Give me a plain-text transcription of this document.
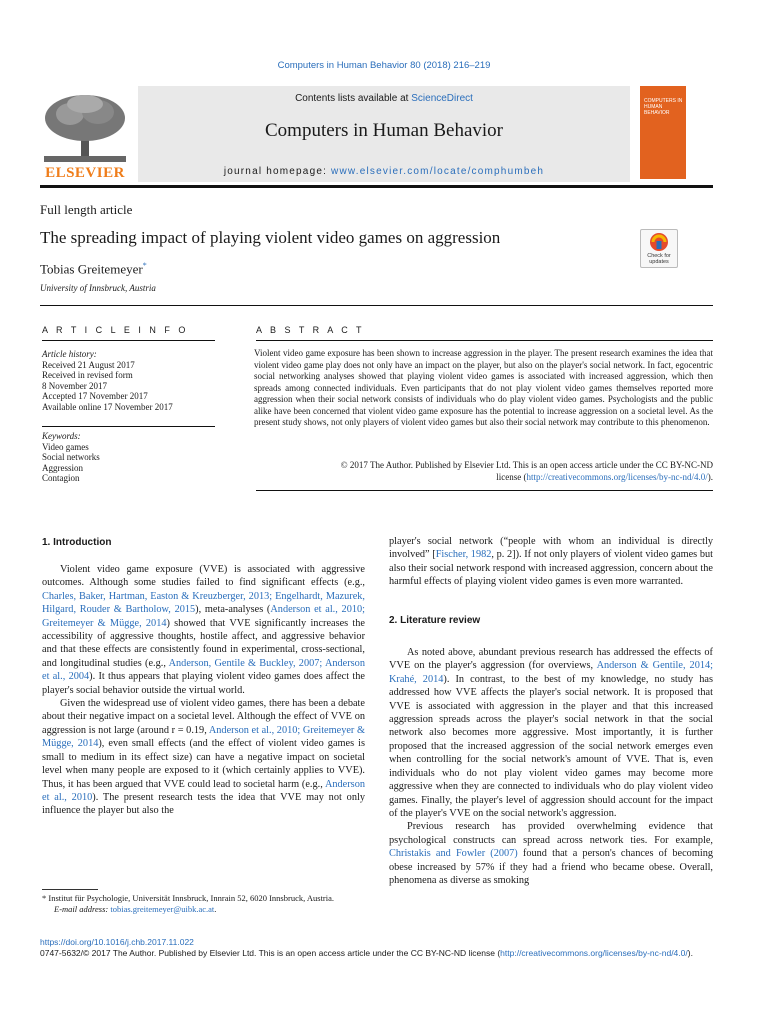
Computers in Human Behavior 80 (2018) 216–219
ELSEVIER
Contents lists available at ScienceDirect
Computers in Human Behavior
journal homepage: www.elsevier.com/locate/comphumbeh
COMPUTERS IN HUMAN BEHAVIOR
Full length article
The spreading impact of playing violent video games on aggression
Check for updates
Tobias Greitemeyer*
University of Innsbruck, Austria
A R T I C L E I N F O	A B S T R A C T
Article history:
Received 21 August 2017
Received in revised form
8 November 2017
Accepted 17 November 2017
Available online 17 November 2017
Keywords:
Video games
Social networks
Aggression
Contagion
Violent video game exposure has been shown to increase aggression in the player. The present research examines the idea that violent video game play does not only have an impact on the player, but also on the player's social network. In fact, egocentric social networking analyses showed that playing violent video games is associated with increased aggression, which then spreads among connected individuals. Even participants that do not play violent video games themselves reported more aggression when their social network consists of individuals who do play violent video games. Psychologists and the public alike have been concerned that violent video game exposure has the potential to increase aggression on a societal level. As the present study shows, not only players of violent video games but also their social network may contribute to this phenomenon.
© 2017 The Author. Published by Elsevier Ltd. This is an open access article under the CC BY-NC-ND
license (http://creativecommons.org/licenses/by-nc-nd/4.0/).
1. Introduction

Violent video game exposure (VVE) is associated with aggressive outcomes. Although some studies failed to find significant effects (e.g., Charles, Baker, Hartman, Easton & Kreuzberger, 2013; Engelhardt, Mazurek, Hilgard, Rouder & Bartholow, 2015), meta-analyses (Anderson et al., 2010; Greitemeyer & Mügge, 2014) showed that VVE significantly increases the accessibility of aggressive thoughts, hostile affect, and aggressive behavior and that these effects are consistently found in experimental, cross-sectional, and longitudinal studies (e.g., Anderson, Gentile & Buckley, 2007; Anderson et al., 2004). It thus appears that playing violent video games does affect the player's social behavior outside the virtual world.

Given the widespread use of violent video games, there has been a debate about their negative impact on a societal level. Although the effect of VVE on aggression is not large (around r = 0.19, Anderson et al., 2010; Greitemeyer & Mügge, 2014), even small effects (and the effect of violent video games is small to medium in its effect size) can have a negative impact on societal level when many people are exposed to it (which certainly applies to VVE). Thus, it has been argued that VVE could lead to societal harm (e.g., Anderson et al., 2010). The present research tests the idea that VVE may not only influence the player but also the

player's social network (“people with whom an individual is directly involved” [Fischer, 1982, p. 2]). If not only players of violent video games but also their social network respond with increased aggression, concern about the harmful effects of playing violent video games is even more warranted.

2. Literature review

As noted above, abundant previous research has addressed the effects of VVE on the player's aggression (for overviews, Anderson & Gentile, 2014; Krahé, 2014). In contrast, to the best of my knowledge, no study has addressed how VVE affects the player's social network. It is proposed that VVE is associated with aggression in the player and that this increased aggression spreads across the player's social network in that the social network also becomes more aggressive. Most importantly, it is further proposed that the increased aggression of the social network emerges even when controlling for the social network's amount of VVE. That is, even individuals who do not play violent video games may become more aggressive when they are connected to individuals who do play violent video games. Finally, the player's level of aggression should account for the impact of the player's VVE on the social network's aggression.

Previous research has provided overwhelming evidence that psychological constructs can spread across network ties. For example, Christakis and Fowler (2007) found that a person's chances of becoming obese increased by 57% if they had a friend who became obese. Overall, phenomena as diverse as smoking

* Institut für Psychologie, Universität Innsbruck, Innrain 52, 6020 Innsbruck, Austria.
E-mail address: tobias.greitemeyer@uibk.ac.at.
https://doi.org/10.1016/j.chb.2017.11.022
0747-5632/© 2017 The Author. Published by Elsevier Ltd. This is an open access article under the CC BY-NC-ND license (http://creativecommons.org/licenses/by-nc-nd/4.0/).
